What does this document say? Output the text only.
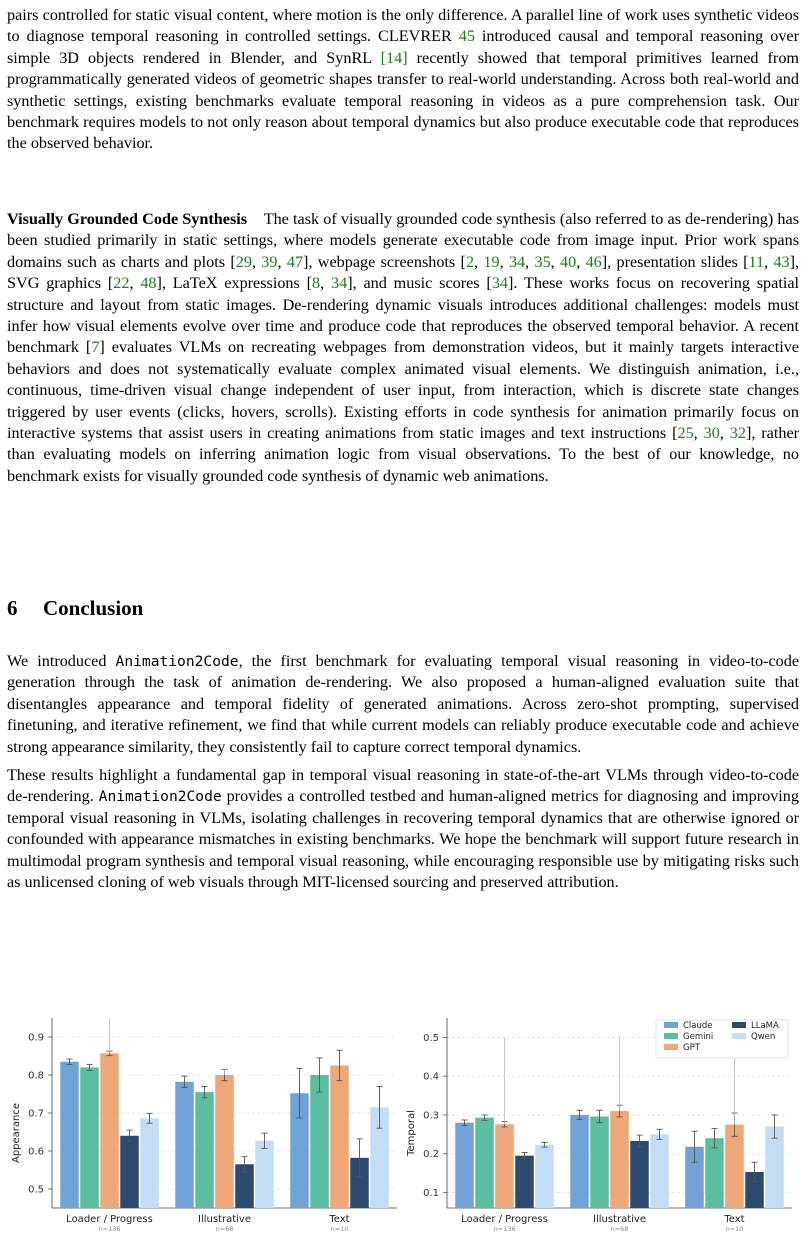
pairs controlled for static visual content, where motion is the only difference. A parallel line of work uses synthetic videos to diagnose temporal reasoning in controlled settings. CLEVRER 45 introduced causal and temporal reasoning over simple 3D objects rendered in Blender, and SynRL [14] recently showed that temporal primitives learned from programmatically generated videos of geometric shapes transfer to real-world understanding. Across both real-world and synthetic settings, existing benchmarks evaluate temporal reasoning in videos as a pure comprehension task. Our benchmark requires models to not only reason about temporal dynamics but also produce executable code that reproduces the observed behavior.

Visually Grounded Code Synthesis The task of visually grounded code synthesis (also referred to as de-rendering) has been studied primarily in static settings, where models generate executable code from image input. Prior work spans domains such as charts and plots [29, 39, 47], webpage screenshots [2, 19, 34, 35, 40, 46], presentation slides [11, 43], SVG graphics [22, 48], LaTeX expressions [8, 34], and music scores [34]. These works focus on recovering spatial structure and layout from static images. De-rendering dynamic visuals introduces additional challenges: models must infer how visual elements evolve over time and produce code that reproduces the observed temporal behavior. A recent benchmark [7] evaluates VLMs on recreating webpages from demonstration videos, but it mainly targets interactive behaviors and does not systematically evaluate complex animated visual elements. We distinguish animation, i.e., continuous, time-driven visual change independent of user input, from interaction, which is discrete state changes triggered by user events (clicks, hovers, scrolls). Existing efforts in code synthesis for animation primarily focus on interactive systems that assist users in creating animations from static images and text instructions [25, 30, 32], rather than evaluating models on inferring animation logic from visual observations. To the best of our knowledge, no benchmark exists for visually grounded code synthesis of dynamic web animations.

6 Conclusion

We introduced Animation2Code, the first benchmark for evaluating temporal visual reasoning in video-to-code generation through the task of animation de-rendering. We also proposed a human-aligned evaluation suite that disentangles appearance and temporal fidelity of generated animations. Across zero-shot prompting, supervised finetuning, and iterative refinement, we find that while current models can reliably produce executable code and achieve strong appearance similarity, they consistently fail to capture correct temporal dynamics.

These results highlight a fundamental gap in temporal visual reasoning in state-of-the-art VLMs through video-to-code de-rendering. Animation2Code provides a controlled testbed and human-aligned metrics for diagnosing and improving temporal visual reasoning in VLMs, isolating challenges in recovering temporal dynamics that are otherwise ignored or confounded with appearance mismatches in existing benchmarks. We hope the benchmark will support future research in multimodal program synthesis and temporal visual reasoning, while encouraging responsible use by mitigating risks such as unlicensed cloning of web visuals through MIT-licensed sourcing and preserved attribution.

0.5
0.6
0.7
0.8
0.9
Appearance
Loader / Progress
n=136
Illustrative
n=68
Text
n=10
0.1
0.2
0.3
0.4
0.5
Temporal
Loader / Progress
n=136
Illustrative
n=68
Text
n=10
Claude	LLaMA
Gemini	Qwen
GPT
